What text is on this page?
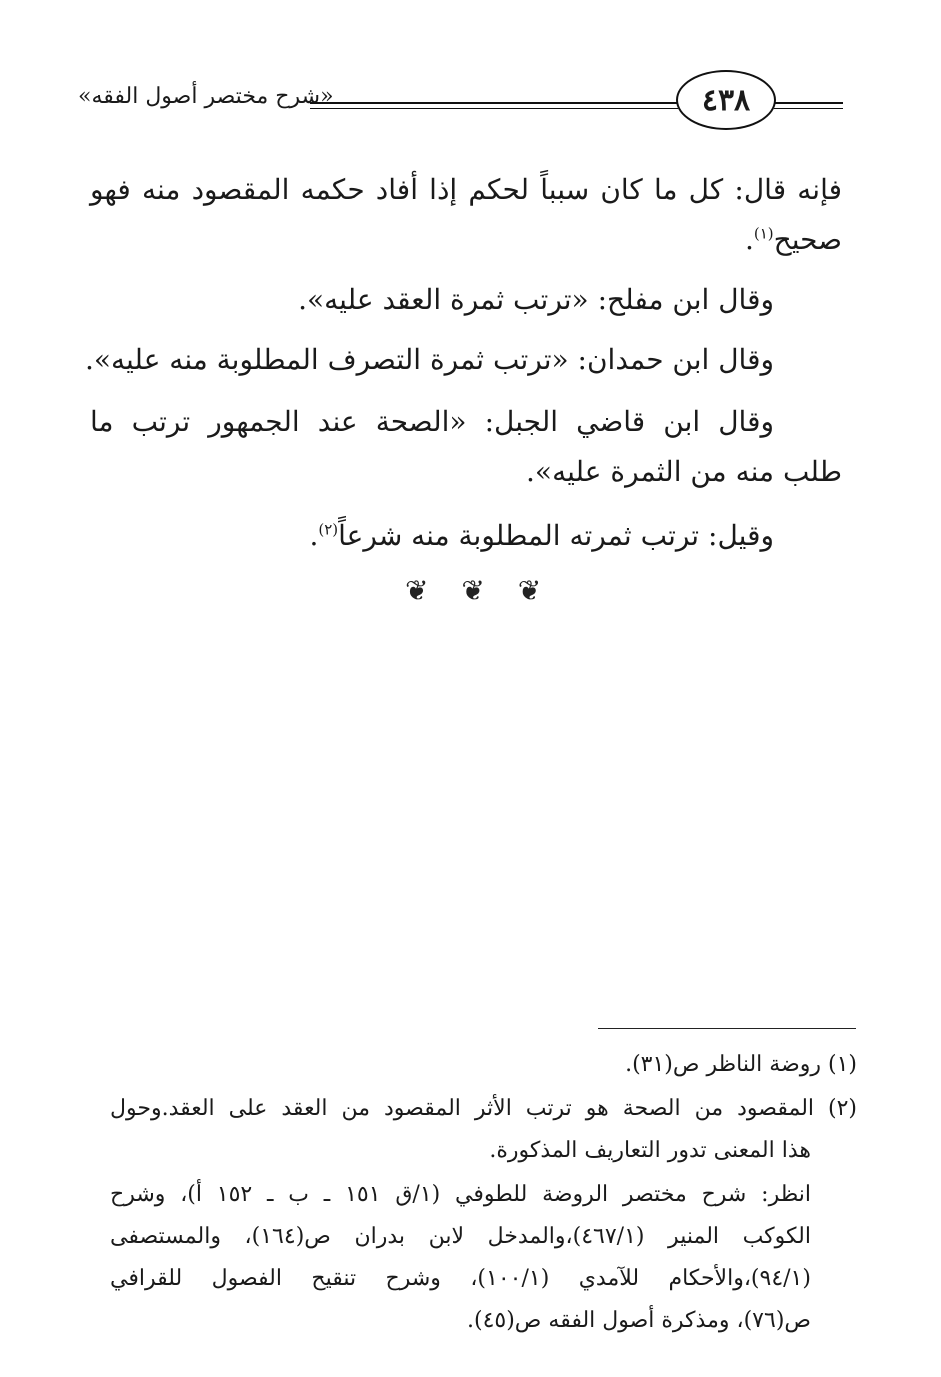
«شرح مختصر أصول الفقه»	٤٣٨
فإنه قال: كل ما كان سبباً لحكم إذا أفاد حكمه المقصود منه فهو
صحيح$^{(١)}$.
وقال ابن مفلح: «ترتب ثمرة العقد عليه».
وقال ابن حمدان: «ترتب ثمرة التصرف المطلوبة منه عليه».
وقال ابن قاضي الجبل: «الصحة عند الجمهور ترتب ما
طلب منه من الثمرة عليه».
وقيل: ترتب ثمرته المطلوبة منه شرعاً$^{(٢)}$.
❦ ❦ ❦
(١) روضة الناظر ص(٣١).
(٢) المقصود من الصحة هو ترتب الأثر المقصود من العقد على العقد.وحول
هذا المعنى تدور التعاريف المذكورة.
انظر: شرح مختصر الروضة للطوفي (١/ق ١٥١ ـ ب ـ ١٥٢ أ)، وشرح
الكوكب المنير (٤٦٧/١)،والمدخل لابن بدران ص(١٦٤)، والمستصفى
(٩٤/١)،والأحكام للآمدي (١٠٠/١)، وشرح تنقيح الفصول للقرافي
ص(٧٦)، ومذكرة أصول الفقه ص(٤٥).
